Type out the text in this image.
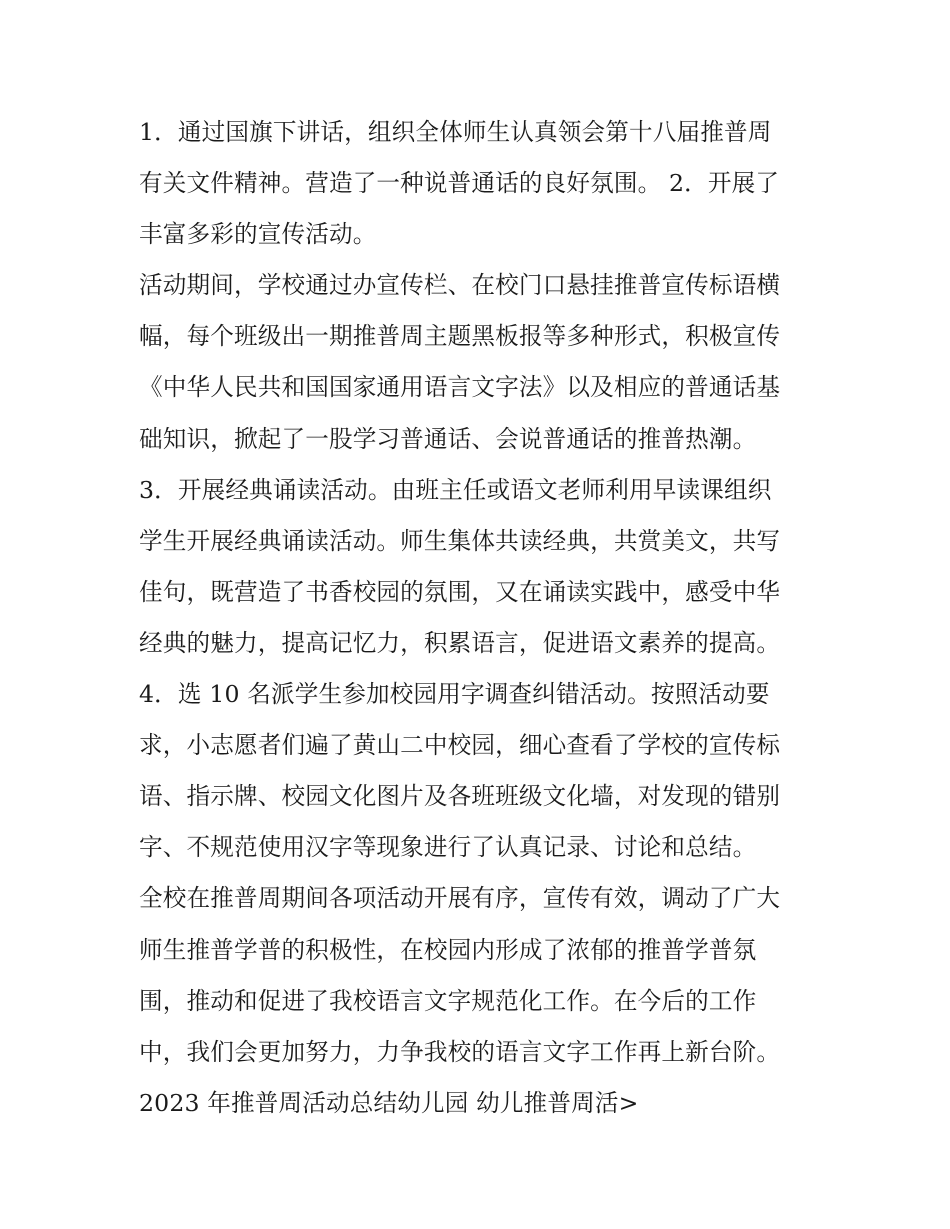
1．通过国旗下讲话，组织全体师生认真领会第十八届推普周
有关文件精神。营造了一种说普通话的良好氛围。 2．开展了
丰富多彩的宣传活动。
活动期间，学校通过办宣传栏、在校门口悬挂推普宣传标语横
幅，每个班级出一期推普周主题黑板报等多种形式，积极宣传
《中华人民共和国国家通用语言文字法》以及相应的普通话基
础知识，掀起了一股学习普通话、会说普通话的推普热潮。
3．开展经典诵读活动。由班主任或语文老师利用早读课组织
学生开展经典诵读活动。师生集体共读经典，共赏美文，共写
佳句，既营造了书香校园的氛围，又在诵读实践中，感受中华
经典的魅力，提高记忆力，积累语言，促进语文素养的提高。
4．选 10 名派学生参加校园用字调查纠错活动。按照活动要
求，小志愿者们遍了黄山二中校园，细心查看了学校的宣传标
语、指示牌、校园文化图片及各班班级文化墙，对发现的错别
字、不规范使用汉字等现象进行了认真记录、讨论和总结。
全校在推普周期间各项活动开展有序，宣传有效，调动了广大
师生推普学普的积极性，在校园内形成了浓郁的推普学普氛
围，推动和促进了我校语言文字规范化工作。在今后的工作
中，我们会更加努力，力争我校的语言文字工作再上新台阶。
2023 年推普周活动总结幼儿园 幼儿推普周活>
